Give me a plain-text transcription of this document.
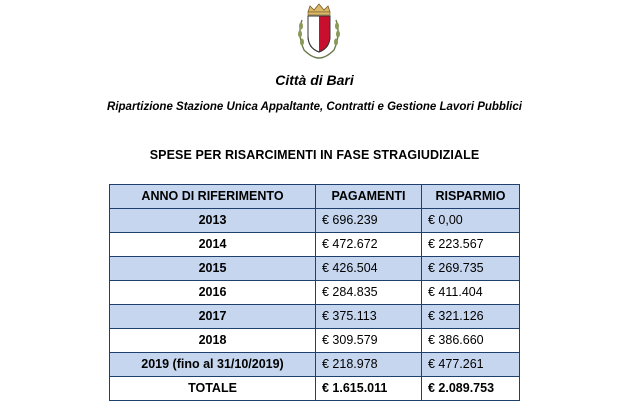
Città di Bari
Ripartizione Stazione Unica Appaltante, Contratti e Gestione Lavori Pubblici
SPESE PER RISARCIMENTI IN FASE STRAGIUDIZIALE
ANNO DI RIFERIMENTO	PAGAMENTI	RISPARMIO
2013	€ 696.239	€ 0,00
2014	€ 472.672	€ 223.567
2015	€ 426.504	€ 269.735
2016	€ 284.835	€ 411.404
2017	€ 375.113	€ 321.126
2018	€ 309.579	€ 386.660
2019 (fino al 31/10/2019)	€ 218.978	€ 477.261
TOTALE	€ 1.615.011	€ 2.089.753
